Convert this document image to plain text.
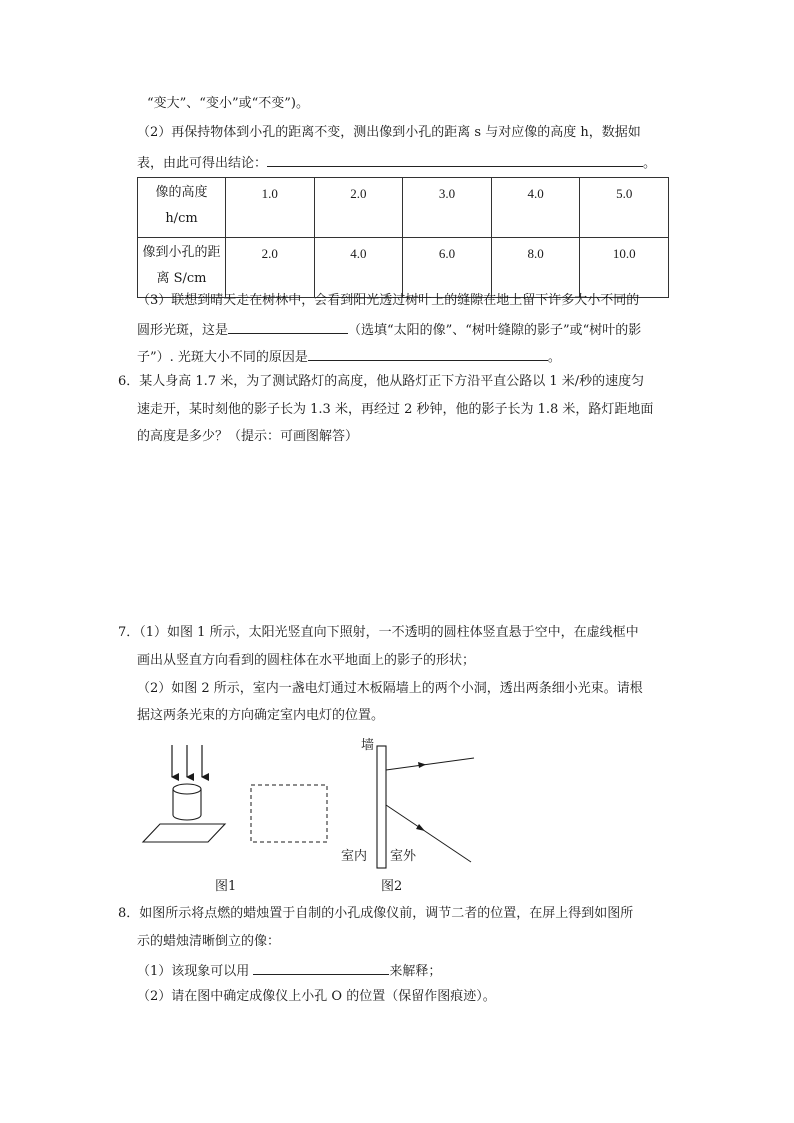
“变大”、“变小”或“不变”)。
（2）再保持物体到小孔的距离不变，测出像到小孔的距离 s 与对应像的高度 h，数据如
表，由此可得出结论：	。
像的高度
h/cm	1.0	2.0	3.0	4.0	5.0

像到小孔的距
离 S/cm	2.0	4.0	6.0	8.0	10.0
（3）联想到晴天走在树林中，会看到阳光透过树叶上的缝隙在地上留下许多大小不同的
圆形光斑，这是	（选填“太阳的像”、“树叶缝隙的影子”或“树叶的影
子”）. 光斑大小不同的原因是	。
6．某人身高 1.7 米，为了测试路灯的高度，他从路灯正下方沿平直公路以 1 米/秒的速度匀
速走开，某时刻他的影子长为 1.3 米，再经过 2 秒钟，他的影子长为 1.8 米，路灯距地面
的高度是多少？（提示：可画图解答）
7．（1）如图 1 所示，太阳光竖直向下照射，一不透明的圆柱体竖直悬于空中，在虚线框中
画出从竖直方向看到的圆柱体在水平地面上的影子的形状；
（2）如图 2 所示，室内一盏电灯通过木板隔墙上的两个小洞，透出两条细小光束。请根
据这两条光束的方向确定室内电灯的位置。
图1
墙
室内 室外
图2
8．如图所示将点燃的蜡烛置于自制的小孔成像仪前，调节二者的位置，在屏上得到如图所
示的蜡烛清晰倒立的像：
（1）该现象可以用	来解释；
（2）请在图中确定成像仪上小孔 O 的位置（保留作图痕迹）。
